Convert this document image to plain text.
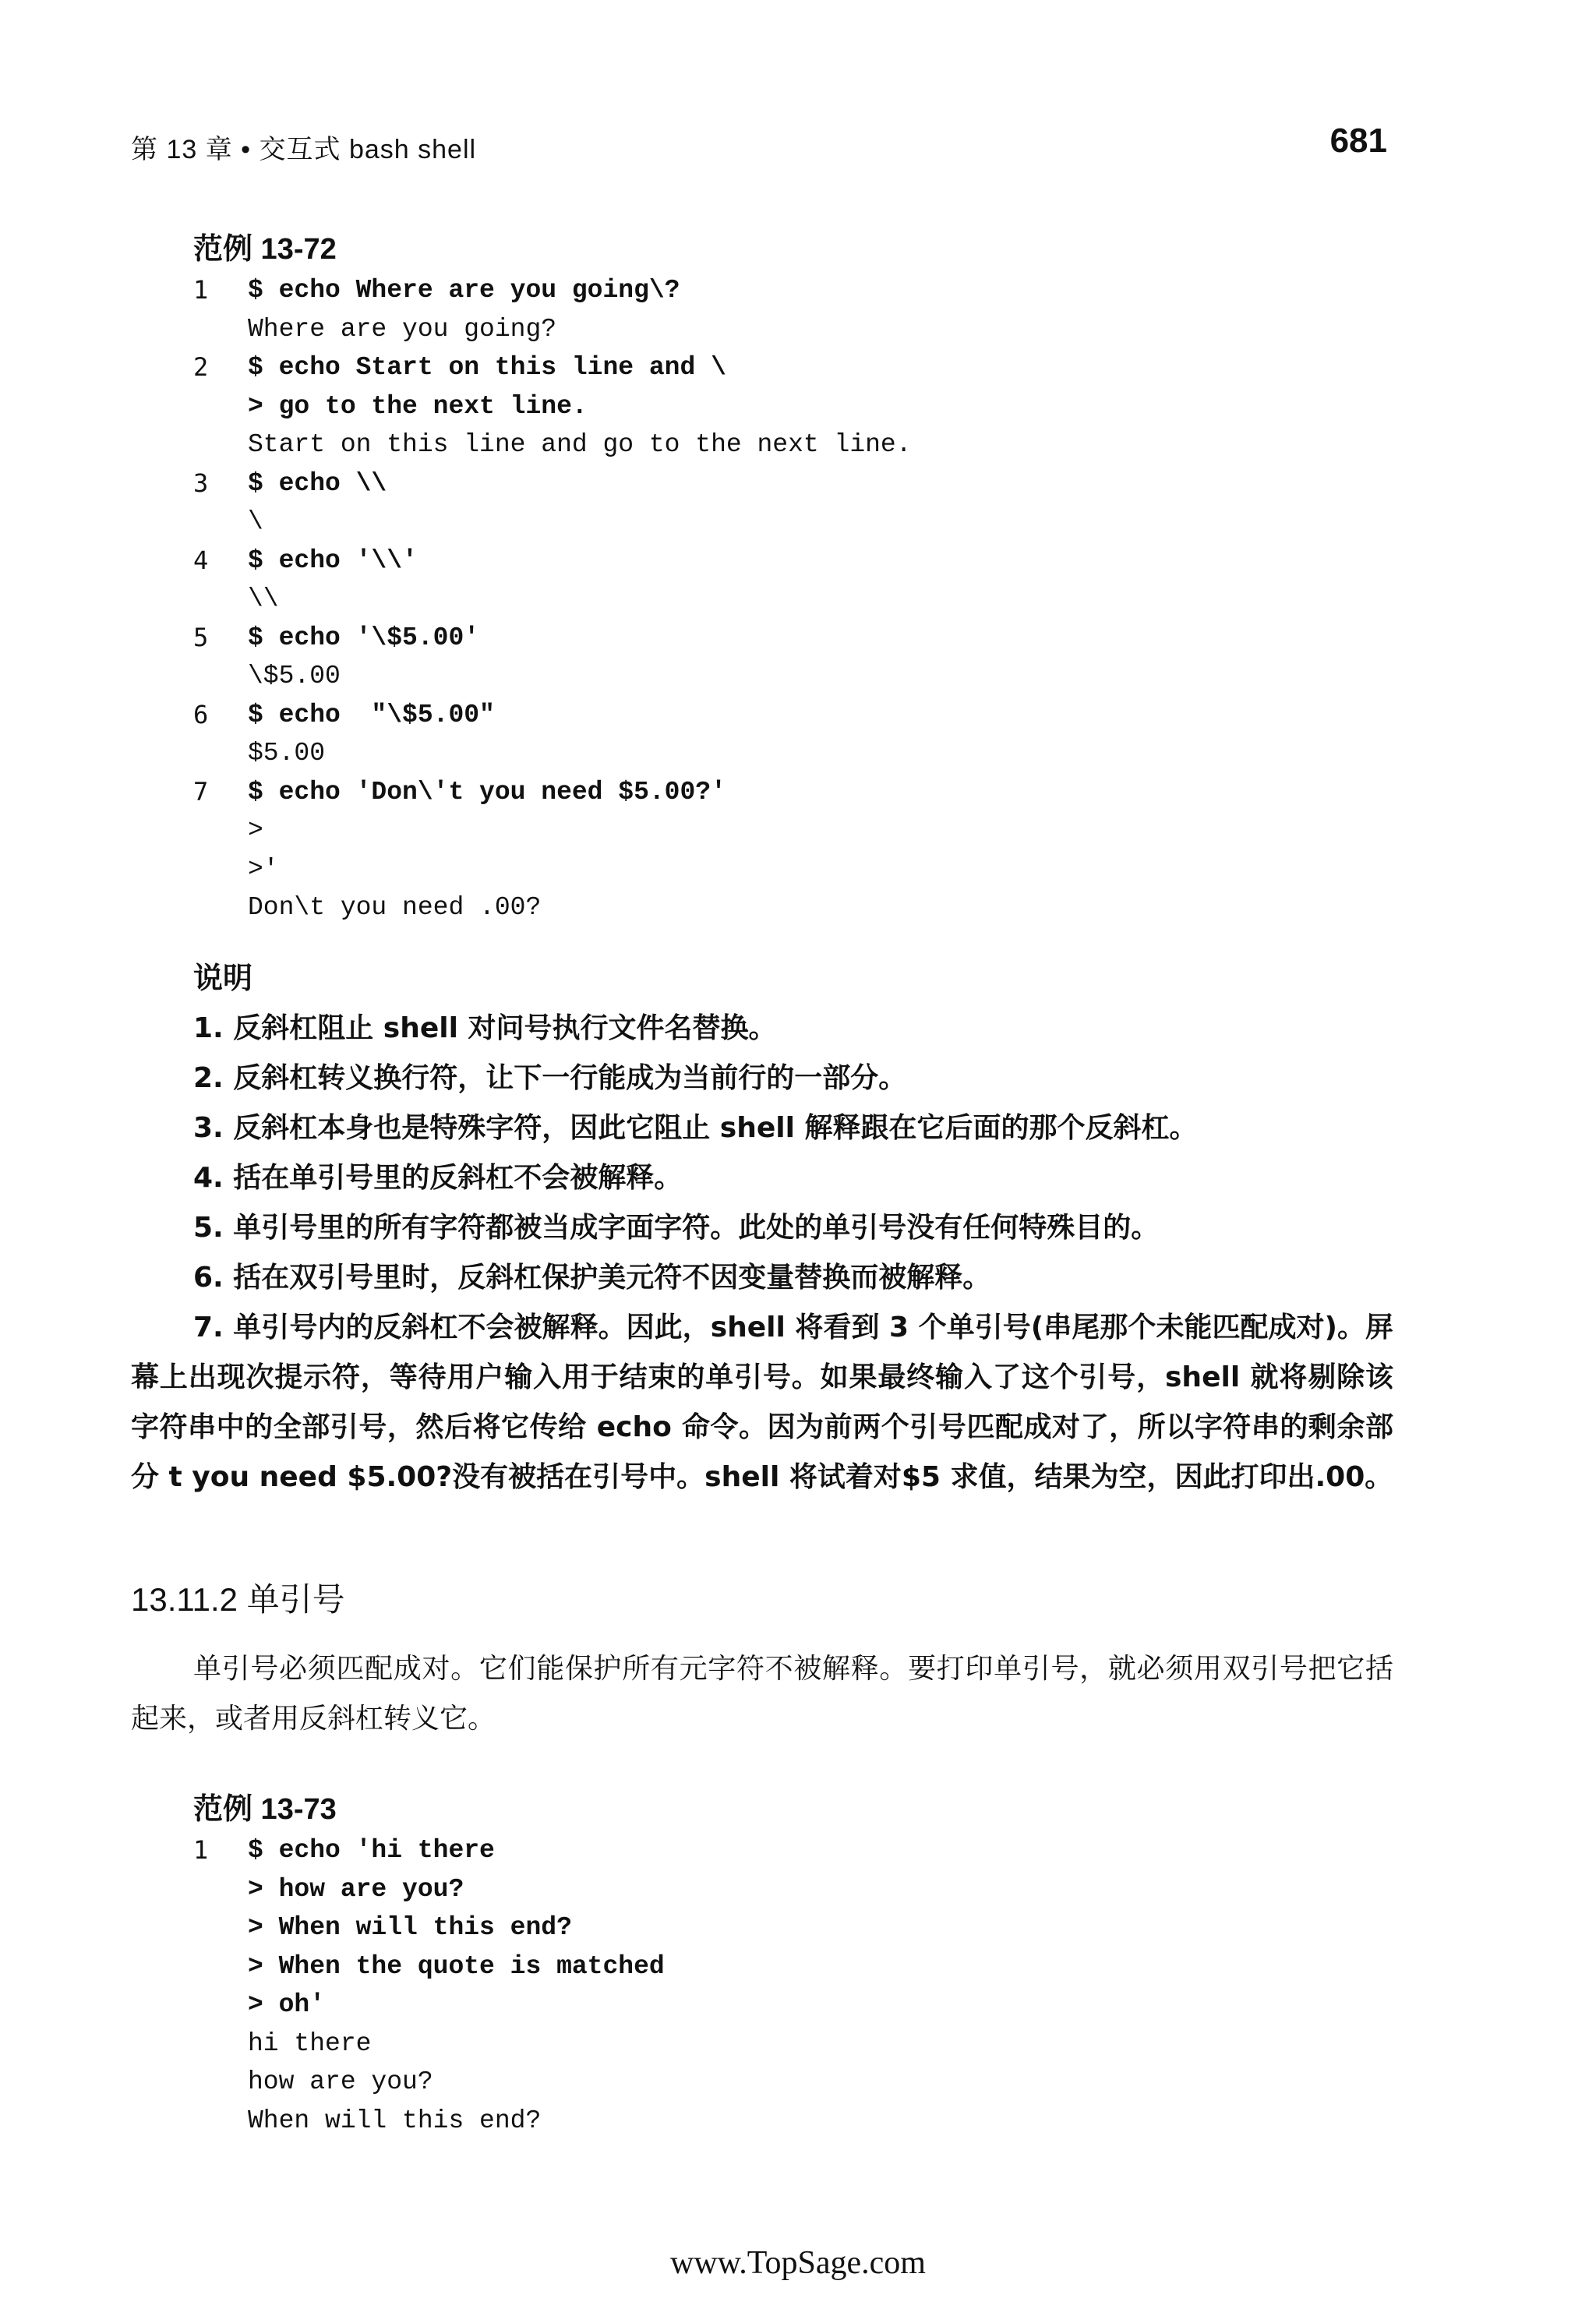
第 13 章 • 交互式 bash shell	681
范例 13-72
1 $ echo Where are you going\?
Where are you going?
2 $ echo Start on this line and \
> go to the next line.
Start on this line and go to the next line.
3 $ echo \\
\
4 $ echo '\\'
\\
5 $ echo '\$5.00'
\$5.00
6 $ echo  "\$5.00"
$5.00
7 $ echo 'Don\'t you need $5.00?'
>
>'
Don\t you need .00?
说明
1. 反斜杠阻止 shell 对问号执行文件名替换。
2. 反斜杠转义换行符，让下一行能成为当前行的一部分。
3. 反斜杠本身也是特殊字符，因此它阻止 shell 解释跟在它后面的那个反斜杠。
4. 括在单引号里的反斜杠不会被解释。
5. 单引号里的所有字符都被当成字面字符。此处的单引号没有任何特殊目的。
6. 括在双引号里时，反斜杠保护美元符不因变量替换而被解释。
7. 单引号内的反斜杠不会被解释。因此，shell 将看到 3 个单引号(串尾那个未能匹配成对)。屏幕上出现次提示符，等待用户输入用于结束的单引号。如果最终输入了这个引号，shell 就将剔除该字符串中的全部引号，然后将它传给 echo 命令。因为前两个引号匹配成对了，所以字符串的剩余部分 t you need $5.00?没有被括在引号中。shell 将试着对$5 求值，结果为空，因此打印出.00。
13.11.2 单引号
单引号必须匹配成对。它们能保护所有元字符不被解释。要打印单引号，就必须用双引号把它括起来，或者用反斜杠转义它。
范例 13-73
1 $ echo 'hi there
> how are you?
> When will this end?
> When the quote is matched
> oh'
hi there
how are you?
When will this end?
www.TopSage.com
